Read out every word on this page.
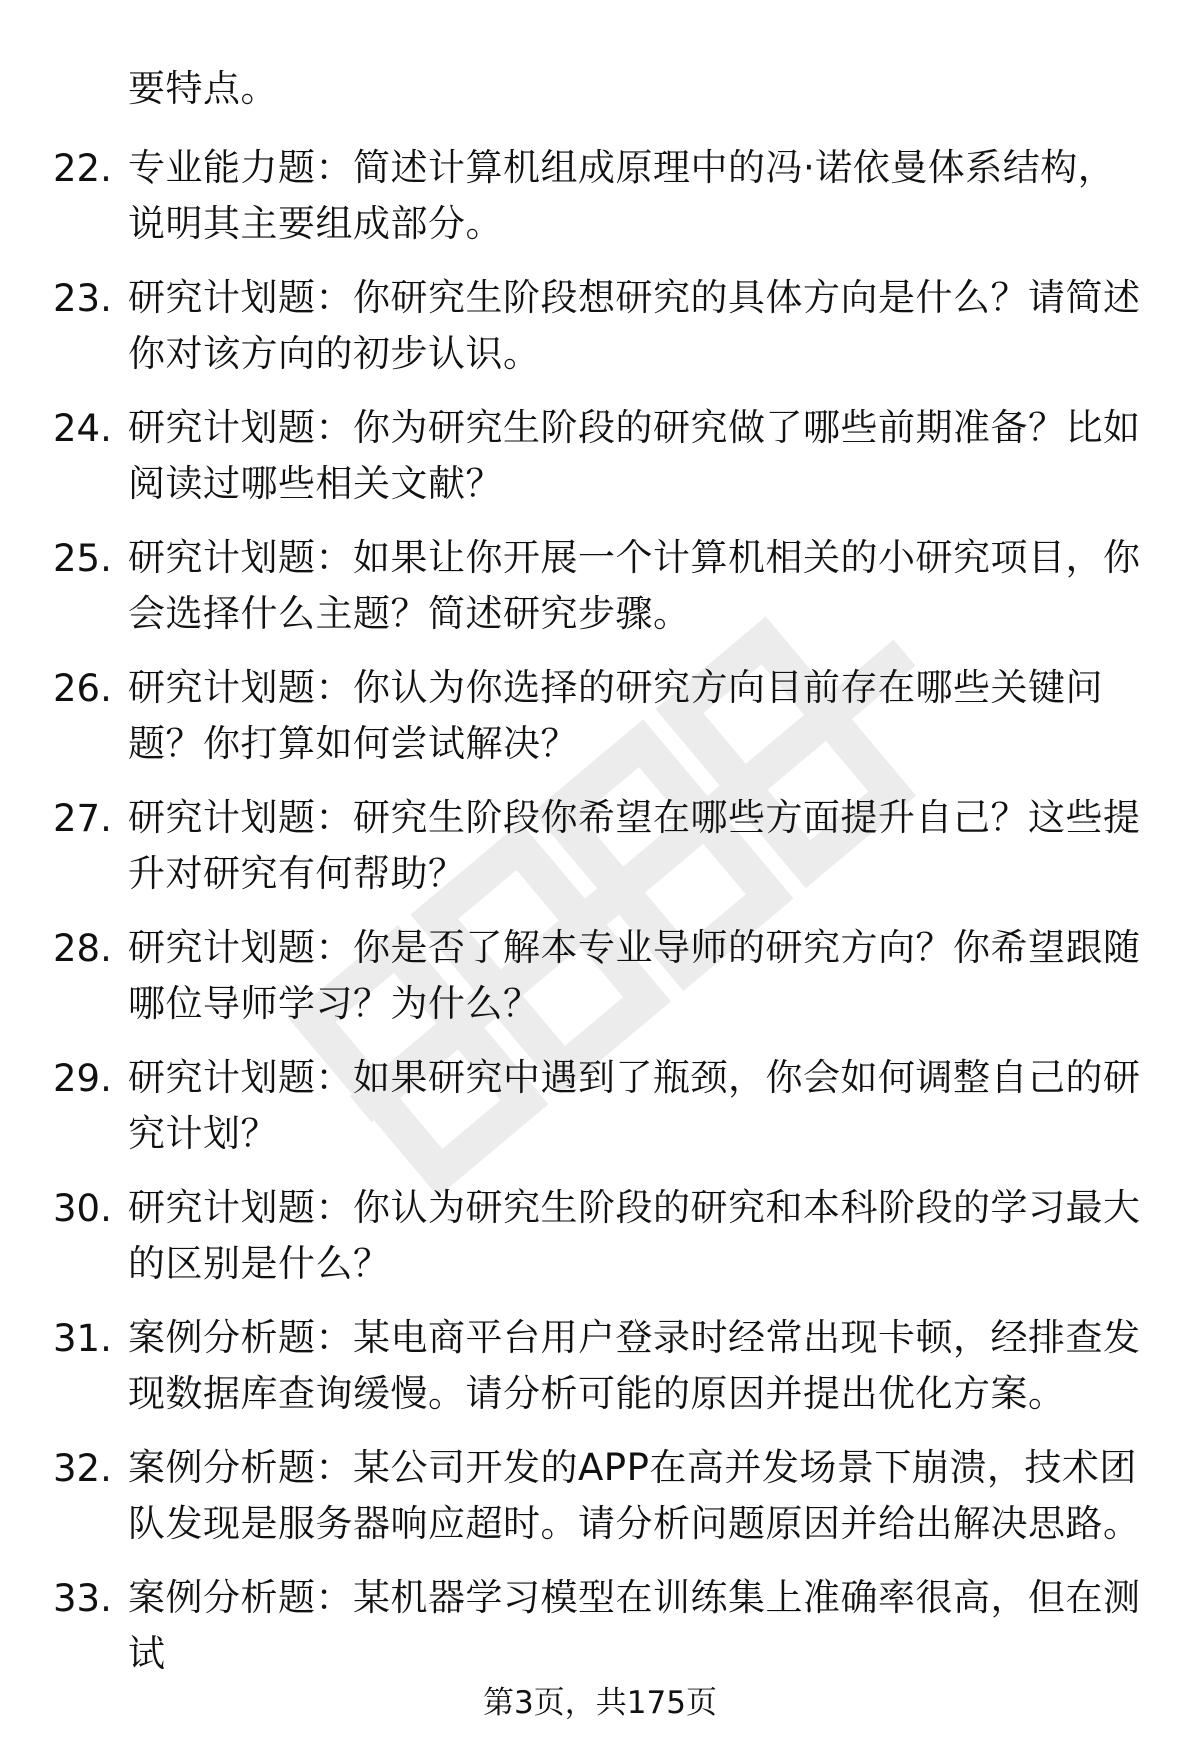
要特点。
22. 专业能力题：简述计算机组成原理中的冯·诺依曼体系结构，说明其主要组成部分。
23. 研究计划题：你研究生阶段想研究的具体方向是什么？请简述你对该方向的初步认识。
24. 研究计划题：你为研究生阶段的研究做了哪些前期准备？比如阅读过哪些相关文献？
25. 研究计划题：如果让你开展一个计算机相关的小研究项目，你会选择什么主题？简述研究步骤。
26. 研究计划题：你认为你选择的研究方向目前存在哪些关键问题？你打算如何尝试解决？
27. 研究计划题：研究生阶段你希望在哪些方面提升自己？这些提升对研究有何帮助？
28. 研究计划题：你是否了解本专业导师的研究方向？你希望跟随哪位导师学习？为什么？
29. 研究计划题：如果研究中遇到了瓶颈，你会如何调整自己的研究计划？
30. 研究计划题：你认为研究生阶段的研究和本科阶段的学习最大的区别是什么？
31. 案例分析题：某电商平台用户登录时经常出现卡顿，经排查发现数据库查询缓慢。请分析可能的原因并提出优化方案。
32. 案例分析题：某公司开发的APP在高并发场景下崩溃，技术团队发现是服务器响应超时。请分析问题原因并给出解决思路。
33. 案例分析题：某机器学习模型在训练集上准确率很高，但在测试
第3页，共175页
